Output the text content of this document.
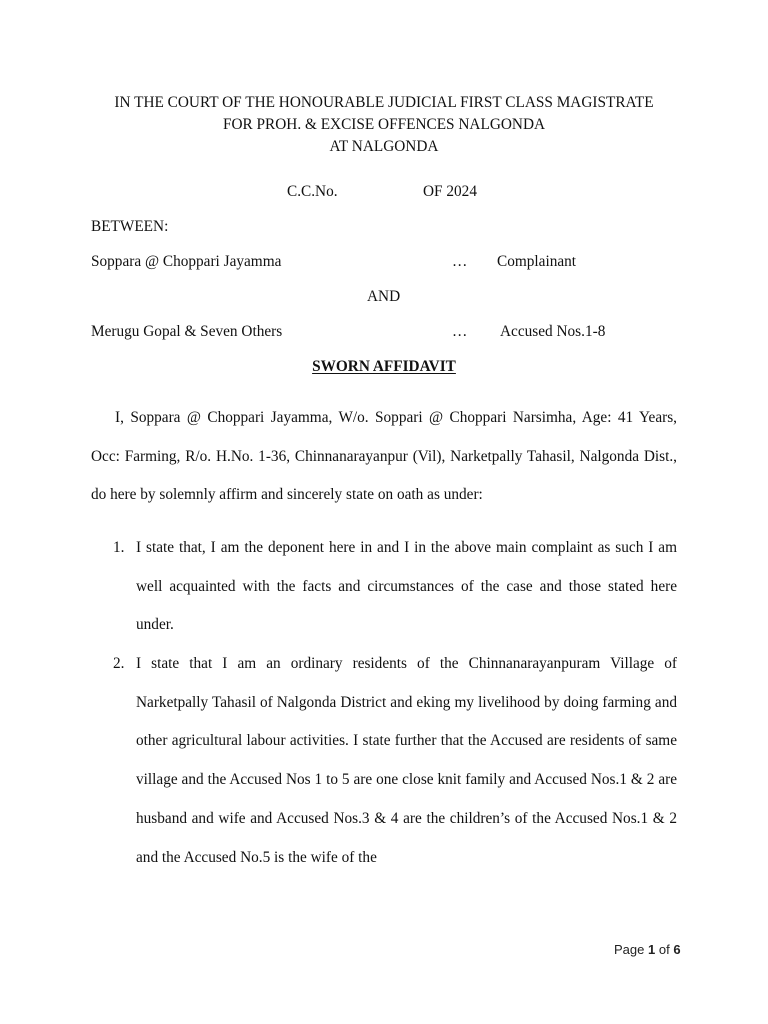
IN THE COURT OF THE HONOURABLE JUDICIAL FIRST CLASS MAGISTRATE
FOR PROH. & EXCISE OFFENCES NALGONDA
AT NALGONDA
C.C.No.	OF 2024
BETWEEN:
Soppara @ Choppari Jayamma	… Complainant
AND
Merugu Gopal & Seven Others	… Accused Nos.1-8
SWORN AFFIDAVIT
I, Soppara @ Choppari Jayamma, W/o. Soppari @ Choppari Narsimha, Age: 41 Years, Occ: Farming, R/o. H.No. 1-36, Chinnanarayanpur (Vil), Narketpally Tahasil, Nalgonda Dist., do here by solemnly affirm and sincerely state on oath as under:
1. I state that, I am the deponent here in and I in the above main complaint as such I am well acquainted with the facts and circumstances of the case and those stated here under.
2. I state that I am an ordinary residents of the Chinnanarayanpuram Village of Narketpally Tahasil of Nalgonda District and eking my livelihood by doing farming and other agricultural labour activities. I state further that the Accused are residents of same village and the Accused Nos 1 to 5 are one close knit family and Accused Nos.1 & 2 are husband and wife and Accused Nos.3 & 4 are the children’s of the Accused Nos.1 & 2 and the Accused No.5 is the wife of the
Page 1 of 6
